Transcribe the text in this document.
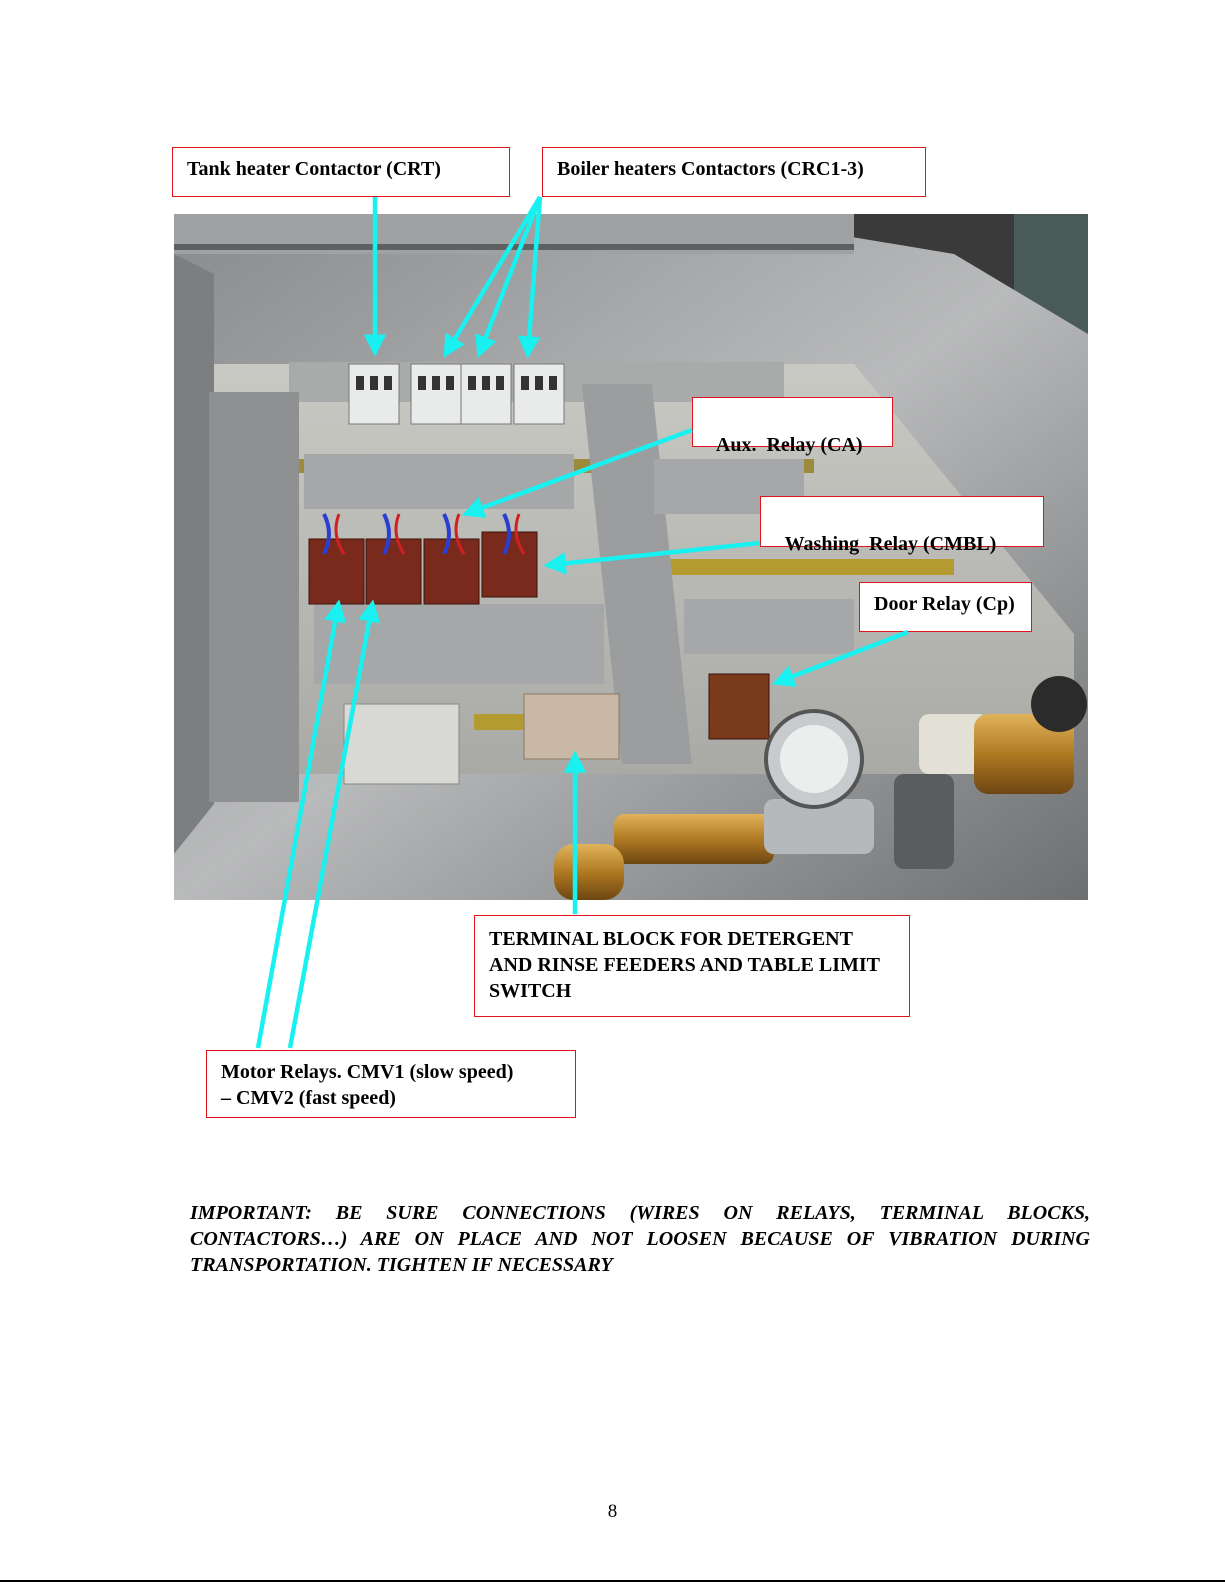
Tank heater Contactor (CRT)	Boiler heaters Contactors (CRC1-3)

Aux.  Relay (CA)

Washing  Relay (CMBL)

Door Relay (Cp)
TERMINAL BLOCK FOR DETERGENT AND RINSE FEEDERS AND TABLE LIMIT SWITCH
Motor Relays. CMV1 (slow speed)
– CMV2 (fast speed)

IMPORTANT: BE SURE CONNECTIONS (WIRES ON RELAYS, TERMINAL BLOCKS, CONTACTORS…) ARE ON PLACE AND NOT LOOSEN BECAUSE OF VIBRATION DURING TRANSPORTATION. TIGHTEN IF NECESSARY

8
